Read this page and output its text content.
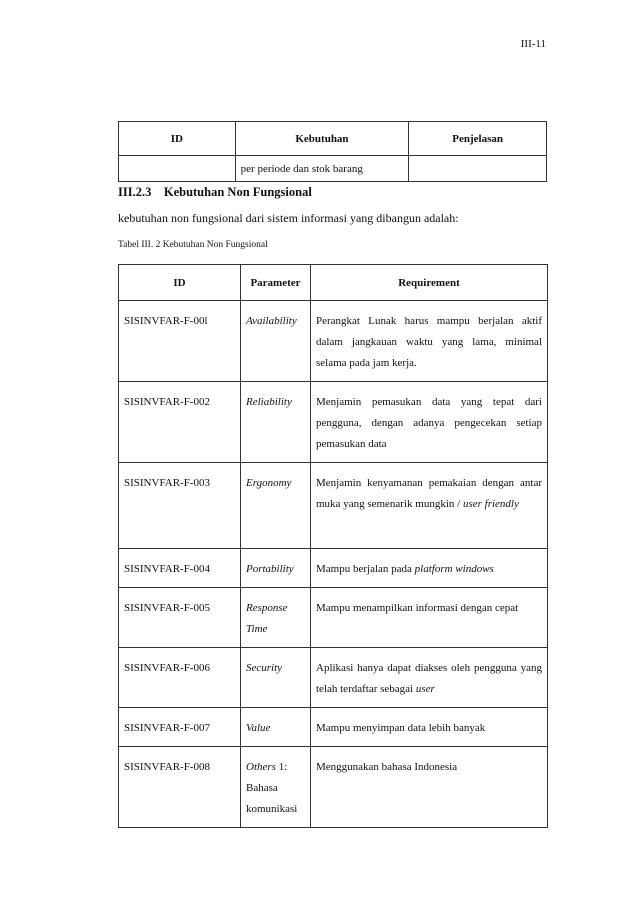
III-11
ID	Kebutuhan	Penjelasan
	per periode dan stok barang	
III.2.3    Kebutuhan Non Fungsional
kebutuhan non fungsional dari sistem informasi yang dibangun adalah:
Tabel III. 2 Kebutuhan Non Fungsional
ID	Parameter	Requirement
SISINVFAR-F-00l	Availability	Perangkat Lunak harus mampu berjalan aktif dalam jangkauan waktu yang lama, minimal selama pada jam kerja.
SISINVFAR-F-002	Reliability	Menjamin pemasukan data yang tepat dari pengguna, dengan adanya pengecekan setiap pemasukan data
SISINVFAR-F-003	Ergonomy	Menjamin kenyamanan pemakaian dengan antar muka yang semenarik mungkin / user friendly
SISINVFAR-F-004	Portability	Mampu berjalan pada platform windows
SISINVFAR-F-005	Response Time	Mampu menampilkan informasi dengan cepat
SISINVFAR-F-006	Security	Aplikasi hanya dapat diakses oleh pengguna yang telah terdaftar sebagai user
SISINVFAR-F-007	Value	Mampu menyimpan data lebih banyak
SISINVFAR-F-008	Others 1: Bahasa komunikasi	Menggunakan bahasa Indonesia
